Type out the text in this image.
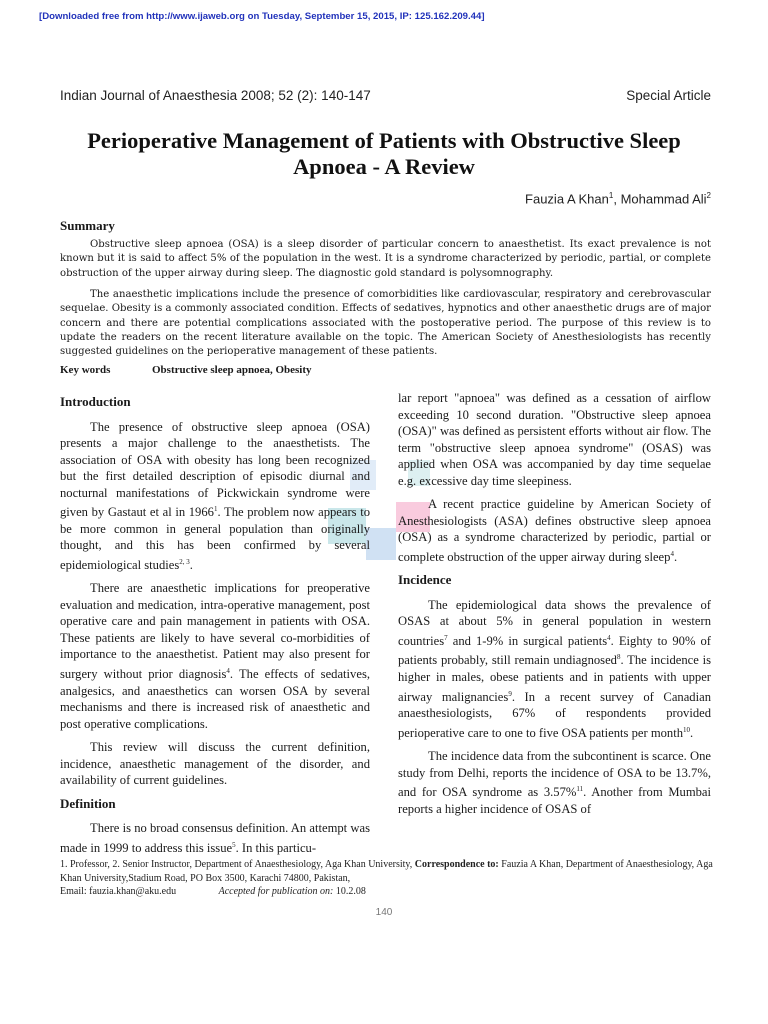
[Downloaded free from http://www.ijaweb.org on Tuesday, September 15, 2015, IP: 125.162.209.44]
Indian Journal of Anaesthesia 2008; 52 (2): 140-147	Special Article
Perioperative Management of Patients with Obstructive Sleep Apnoea - A Review
Fauzia A Khan$^1$, Mohammad Ali$^2$
Summary
Obstructive sleep apnoea (OSA) is a sleep disorder of particular concern to anaesthetist. Its exact prevalence is not known but it is said to affect 5% of the population in the west. It is a syndrome characterized by periodic, partial, or complete obstruction of the upper airway during sleep. The diagnostic gold standard is polysomnography.
The anaesthetic implications include the presence of comorbidities like cardiovascular, respiratory and cerebrovascular sequelae. Obesity is a commonly associated condition. Effects of sedatives, hypnotics and other anaesthetic drugs are of major concern and there are potential complications associated with the postoperative period. The purpose of this review is to update the readers on the recent literature available on the topic. The American Society of Anesthesiologists has recently suggested guidelines on the perioperative management of these patients.
Key words	Obstructive sleep apnoea, Obesity
Introduction

The presence of obstructive sleep apnoea (OSA) presents a major challenge to the anaesthetists. The association of OSA with obesity has long been recognized but the first detailed description of episodic diurnal and nocturnal manifestations of Pickwickain syndrome were given by Gastaut et al in 1966$^1$. The problem now appears to be more common in general population than originally thought, and this has been confirmed by several epidemiological studies$^{2, 3}$.

There are anaesthetic implications for preoperative evaluation and medication, intra-operative management, post operative care and pain management in patients with OSA. These patients are likely to have several co-morbidities of importance to the anaesthetist. Patient may also present for surgery without prior diagnosis$^4$. The effects of sedatives, analgesics, and anaesthetics can worsen OSA by several mechanisms and there is increased risk of anaesthetic and post operative complications.

This review will discuss the current definition, incidence, anaesthetic management of the disorder, and availability of current guidelines.

Definition

There is no broad consensus definition. An attempt was made in 1999 to address this issue$^5$. In this particu-

lar report "apnoea" was defined as a cessation of airflow exceeding 10 second duration. "Obstructive sleep apnoea (OSA)" was defined as persistent efforts without air flow. The term "obstructive sleep apnoea syndrome" (OSAS) was applied when OSA was accompanied by day time sequelae e.g. excessive day time sleepiness.

A recent practice guideline by American Society of Anesthesiologists (ASA) defines obstructive sleep apnoea (OSA) as a syndrome characterized by periodic, partial or complete obstruction of the upper airway during sleep$^4$.

Incidence

The epidemiological data shows the prevalence of OSAS at about 5% in general population in western countries$^7$ and 1-9% in surgical patients$^4$. Eighty to 90% of patients probably, still remain undiagnosed$^8$. The incidence is higher in males, obese patients and in patients with upper airway malignancies$^9$. In a recent survey of Canadian anaesthesiologists, 67% of respondents provided perioperative care to one to five OSA patients per month$^{10}$.

The incidence data from the subcontinent is scarce. One study from Delhi, reports the incidence of OSA to be 13.7%, and for OSA syndrome as 3.57%$^{11}$. Another from Mumbai reports a higher incidence of OSAS of

1. Professor, 2. Senior Instructor, Department of Anaesthesiology, Aga Khan University, Correspondence to: Fauzia A Khan, Department of Anaesthesiology, Aga Khan University,Stadium Road, PO Box 3500, Karachi 74800, Pakistan,
Email: fauzia.khan@aku.edu	Accepted for publication on: 10.2.08
140
